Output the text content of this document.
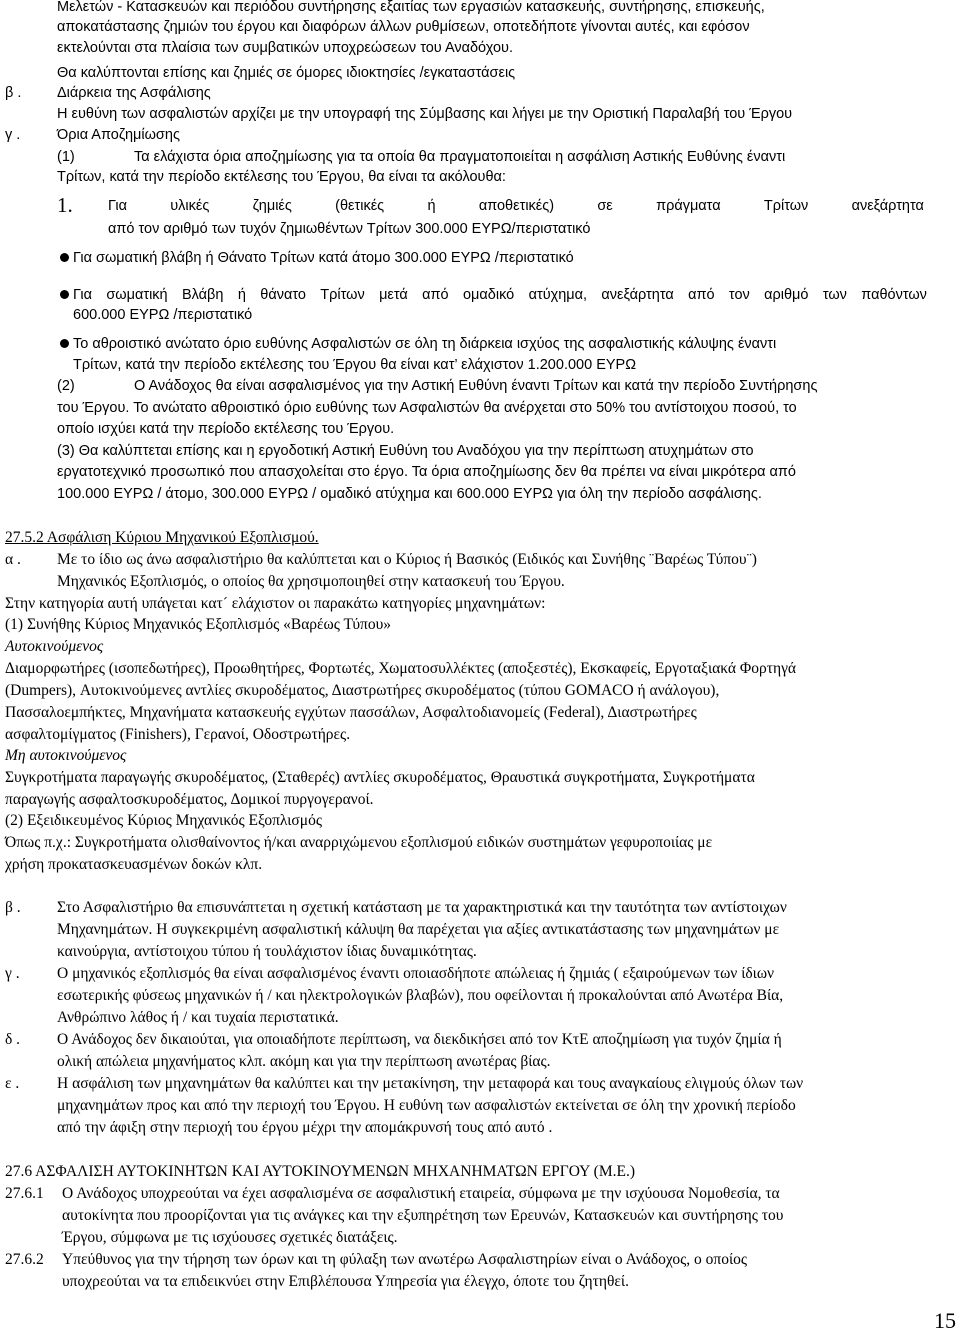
Μελετών - Κατασκευών και περιόδου συντήρησης εξαιτίας των εργασιών κατασκευής, συντήρησης, επισκευής,
αποκατάστασης ζημιών του έργου και διαφόρων άλλων ρυθμίσεων, οποτεδήποτε γίνονται αυτές, και εφόσον
εκτελούνται στα πλαίσια των συμβατικών υποχρεώσεων του Αναδόχου.
Θα καλύπτονται επίσης και ζημιές σε όμορες ιδιοκτησίες /εγκαταστάσεις
β . Διάρκεια της Ασφάλισης
Η ευθύνη των ασφαλιστών αρχίζει με την υπογραφή της Σύμβασης και λήγει με την Οριστική Παραλαβή του Έργου
γ .	Όρια Αποζημίωσης
(1)	Τα ελάχιστα όρια αποζημίωσης για τα οποία θα πραγματοποιείται η ασφάλιση Αστικής Ευθύνης έναντι
Τρίτων, κατά την περίοδο εκτέλεσης του Έργου, θα είναι τα ακόλουθα:
1. Για	υλικές	ζημιές	(θετικές	ή	αποθετικές)	σε	πράγματα	Τρίτων	ανεξάρτητα
από τον αριθμό των τυχόν ζημιωθέντων Τρίτων 300.000 ΕΥΡΩ/περιστατικό
Για σωματική βλάβη ή Θάνατο Τρίτων κατά άτομο 300.000 ΕΥΡΩ /περιστατικό
Για σωματική Βλάβη ή θάνατο Τρίτων μετά από ομαδικό ατύχημα, ανεξάρτητα από τον αριθμό των παθόντων
600.000 ΕΥΡΩ /περιστατικό
Το αθροιστικό ανώτατο όριο ευθύνης Ασφαλιστών σε όλη τη διάρκεια ισχύος της ασφαλιστικής κάλυψης έναντι
Τρίτων, κατά την περίοδο εκτέλεσης του Έργου θα είναι κατ’ ελάχιστον 1.200.000 ΕΥΡΩ
(2)	Ο Ανάδοχος θα είναι ασφαλισμένος για την Αστική Ευθύνη έναντι Τρίτων και κατά την περίοδο Συντήρησης
του Έργου. Το ανώτατο αθροιστικό όριο ευθύνης των Ασφαλιστών θα ανέρχεται στο 50% του αντίστοιχου ποσού, το
οποίο ισχύει κατά την περίοδο εκτέλεσης του Έργου.
(3) Θα καλύπτεται επίσης και η εργοδοτική Αστική Ευθύνη του Αναδόχου για την περίπτωση ατυχημάτων στο
εργατοτεχνικό προσωπικό που απασχολείται στο έργο. Τα όρια αποζημίωσης δεν θα πρέπει να είναι μικρότερα από
100.000 ΕΥΡΩ / άτομο, 300.000 ΕΥΡΩ / ομαδικό ατύχημα και 600.000 ΕΥΡΩ για όλη την περίοδο ασφάλισης.
27.5.2 Ασφάλιση Κύριου Μηχανικού Εξοπλισμού.
α . Με το ίδιο ως άνω ασφαλιστήριο θα καλύπτεται και ο Κύριος ή Βασικός (Ειδικός και Συνήθης ¨Βαρέως Τύπου¨)
Μηχανικός Εξοπλισμός, ο οποίος θα χρησιμοποιηθεί στην κατασκευή του Έργου.
Στην κατηγορία αυτή υπάγεται κατ´ ελάχιστον οι παρακάτω κατηγορίες μηχανημάτων:
(1) Συνήθης Κύριος Μηχανικός Εξοπλισμός «Βαρέως Τύπου»
Αυτοκινούμενος
Διαμορφωτήρες (ισοπεδωτήρες), Προωθητήρες, Φορτωτές, Χωματοσυλλέκτες (αποξεστές), Εκσκαφείς, Εργοταξιακά Φορτηγά
(Dumpers), Αυτοκινούμενες αντλίες σκυροδέματος, Διαστρωτήρες σκυροδέματος (τύπου GOMACO ή ανάλογου),
Πασσαλοεμπήκτες, Μηχανήματα κατασκευής εγχύτων πασσάλων, Ασφαλτοδιανομείς (Federal), Διαστρωτήρες
ασφαλτομίγματος (Finishers), Γερανοί, Οδοστρωτήρες.
Μη αυτοκινούμενος
Συγκροτήματα παραγωγής σκυροδέματος, (Σταθερές) αντλίες σκυροδέματος, Θραυστικά συγκροτήματα, Συγκροτήματα
παραγωγής ασφαλτοσκυροδέματος, Δομικοί πυργογερανοί.
(2) Εξειδικευμένος Κύριος Μηχανικός Εξοπλισμός
Όπως π.χ.: Συγκροτήματα ολισθαίνοντος ή/και αναρριχώμενου εξοπλισμού ειδικών συστημάτων γεφυροποιίας με
χρήση προκατασκευασμένων δοκών κλπ.
β . Στο Ασφαλιστήριο θα επισυνάπτεται η σχετική κατάσταση με τα χαρακτηριστικά και την ταυτότητα των αντίστοιχων
Μηχανημάτων. Η συγκεκριμένη ασφαλιστική κάλυψη θα παρέχεται για αξίες αντικατάστασης των μηχανημάτων με
καινούργια, αντίστοιχου τύπου ή τουλάχιστον ίδιας δυναμικότητας.
γ . Ο μηχανικός εξοπλισμός θα είναι ασφαλισμένος έναντι οποιασδήποτε απώλειας ή ζημιάς ( εξαιρούμενων των ίδιων
εσωτερικής φύσεως μηχανικών ή / και ηλεκτρολογικών βλαβών), που οφείλονται ή προκαλούνται από Ανωτέρα Βία,
Ανθρώπινο λάθος ή / και τυχαία περιστατικά.
δ . Ο Ανάδοχος δεν δικαιούται, για οποιαδήποτε περίπτωση, να διεκδικήσει από τον ΚτΕ αποζημίωση για τυχόν ζημία ή
ολική απώλεια μηχανήματος κλπ. ακόμη και για την περίπτωση ανωτέρας βίας.
ε . Η ασφάλιση των μηχανημάτων θα καλύπτει και την μετακίνηση, την μεταφορά και τους αναγκαίους ελιγμούς όλων των
μηχανημάτων προς και από την περιοχή του Έργου. Η ευθύνη των ασφαλιστών εκτείνεται σε όλη την χρονική περίοδο
από την άφιξη στην περιοχή του έργου μέχρι την απομάκρυνσή τους από αυτό .
27.6 ΑΣΦΑΛΙΣΗ ΑΥΤΟΚΙΝΗΤΩΝ ΚΑΙ ΑΥΤΟΚΙΝΟΥΜΕΝΩΝ ΜΗΧΑΝΗΜΑΤΩΝ ΕΡΓΟΥ (Μ.Ε.)
27.6.1 Ο Ανάδοχος υποχρεούται να έχει ασφαλισμένα σε ασφαλιστική εταιρεία, σύμφωνα με την ισχύουσα Νομοθεσία, τα
αυτοκίνητα που προορίζονται για τις ανάγκες και την εξυπηρέτηση των Ερευνών, Κατασκευών και συντήρησης του
Έργου, σύμφωνα με τις ισχύουσες σχετικές διατάξεις.
27.6.2 Υπεύθυνος για την τήρηση των όρων και τη φύλαξη των ανωτέρω Ασφαλιστηρίων είναι ο Ανάδοχος, ο οποίος
υποχρεούται να τα επιδεικνύει στην Επιβλέπουσα Υπηρεσία για έλεγχο, όποτε του ζητηθεί.
15
